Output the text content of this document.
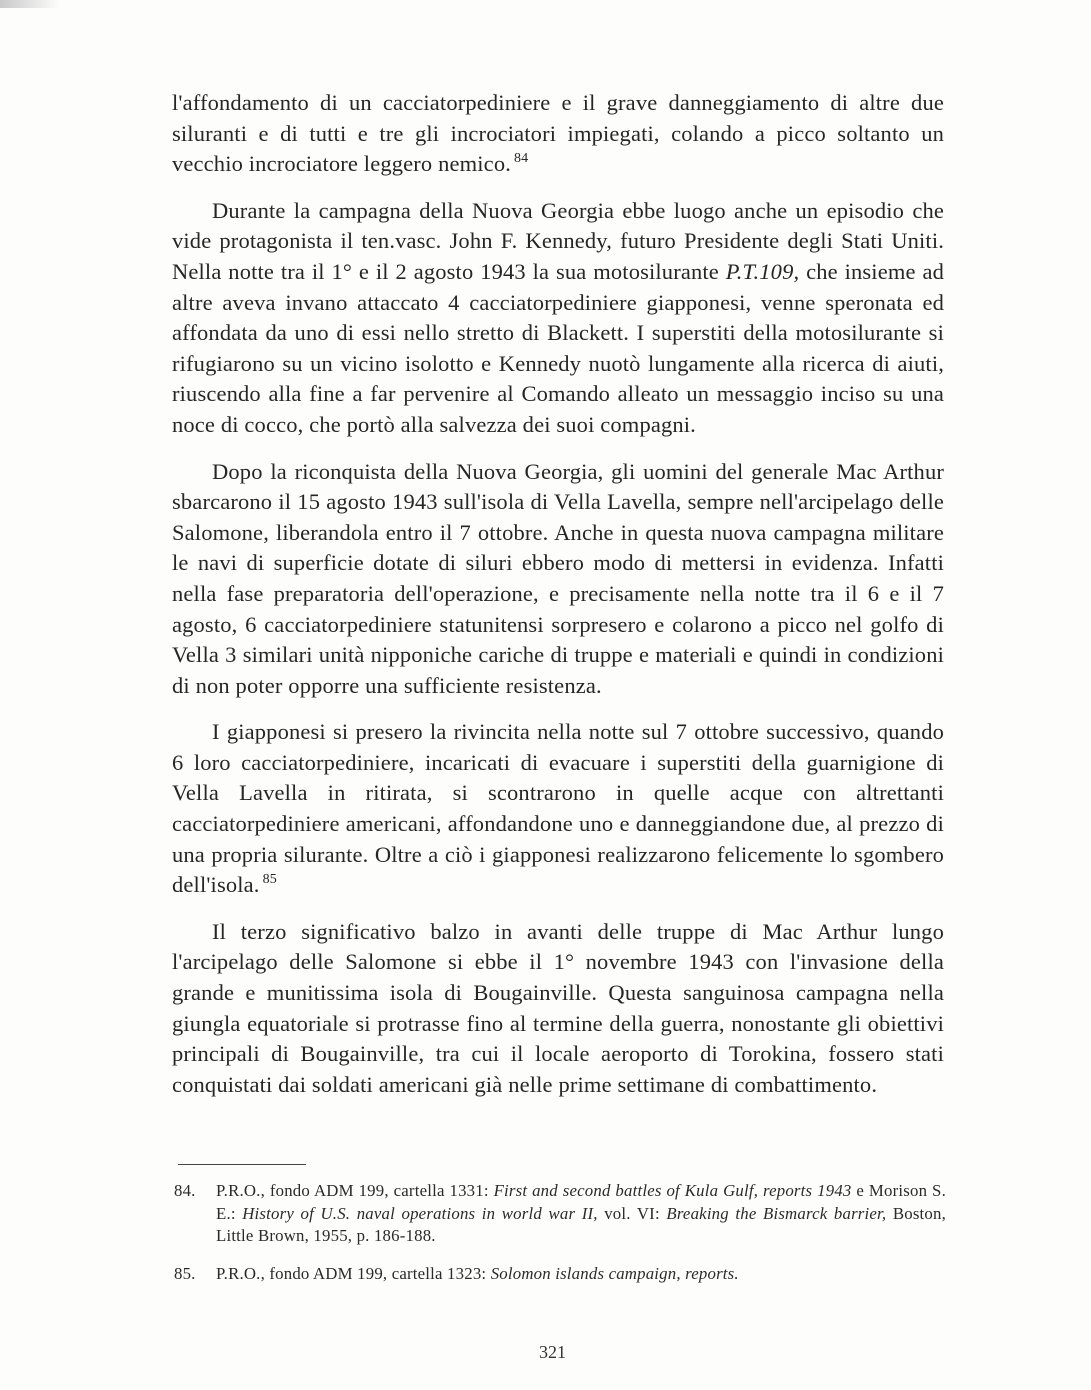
l'affondamento di un cacciatorpediniere e il grave danneggiamento di altre due siluranti e di tutti e tre gli incrociatori impiegati, colando a picco soltanto un vecchio incrociatore leggero nemico. $^{84}$

Durante la campagna della Nuova Georgia ebbe luogo anche un episodio che vide protagonista il ten.vasc. John F. Kennedy, futuro Presidente degli Stati Uniti. Nella notte tra il 1° e il 2 agosto 1943 la sua motosilurante P.T.109, che insieme ad altre aveva invano attaccato 4 cacciatorpediniere giapponesi, venne speronata ed affondata da uno di essi nello stretto di Blackett. I superstiti della motosilurante si rifugiarono su un vicino isolotto e Kennedy nuotò lungamente alla ricerca di aiuti, riuscendo alla fine a far pervenire al Comando alleato un messaggio inciso su una noce di cocco, che portò alla salvezza dei suoi compagni.

Dopo la riconquista della Nuova Georgia, gli uomini del generale Mac Arthur sbarcarono il 15 agosto 1943 sull'isola di Vella Lavella, sempre nell'arcipelago delle Salomone, liberandola entro il 7 ottobre. Anche in questa nuova campagna militare le navi di superficie dotate di siluri ebbero modo di mettersi in evidenza. Infatti nella fase preparatoria dell'operazione, e precisamente nella notte tra il 6 e il 7 agosto, 6 cacciatorpediniere statunitensi sorpresero e colarono a picco nel golfo di Vella 3 similari unità nipponiche cariche di truppe e materiali e quindi in condizioni di non poter opporre una sufficiente resistenza.

I giapponesi si presero la rivincita nella notte sul 7 ottobre successivo, quando 6 loro cacciatorpediniere, incaricati di evacuare i superstiti della guarnigione di Vella Lavella in ritirata, si scontrarono in quelle acque con altrettanti cacciatorpediniere americani, affondandone uno e danneggiandone due, al prezzo di una propria silurante. Oltre a ciò i giapponesi realizzarono felicemente lo sgombero dell'isola. $^{85}$

Il terzo significativo balzo in avanti delle truppe di Mac Arthur lungo l'arcipelago delle Salomone si ebbe il 1° novembre 1943 con l'invasione della grande e munitissima isola di Bougainville. Questa sanguinosa campagna nella giungla equatoriale si protrasse fino al termine della guerra, nonostante gli obiettivi principali di Bougainville, tra cui il locale aeroporto di Torokina, fossero stati conquistati dai soldati americani già nelle prime settimane di combattimento.

84.	P.R.O., fondo ADM 199, cartella 1331: First and second battles of Kula Gulf, reports 1943 e Morison S. E.: History of U.S. naval operations in world war II, vol. VI: Breaking the Bismarck barrier, Boston, Little Brown, 1955, p. 186-188.
85.	P.R.O., fondo ADM 199, cartella 1323: Solomon islands campaign, reports.
321
